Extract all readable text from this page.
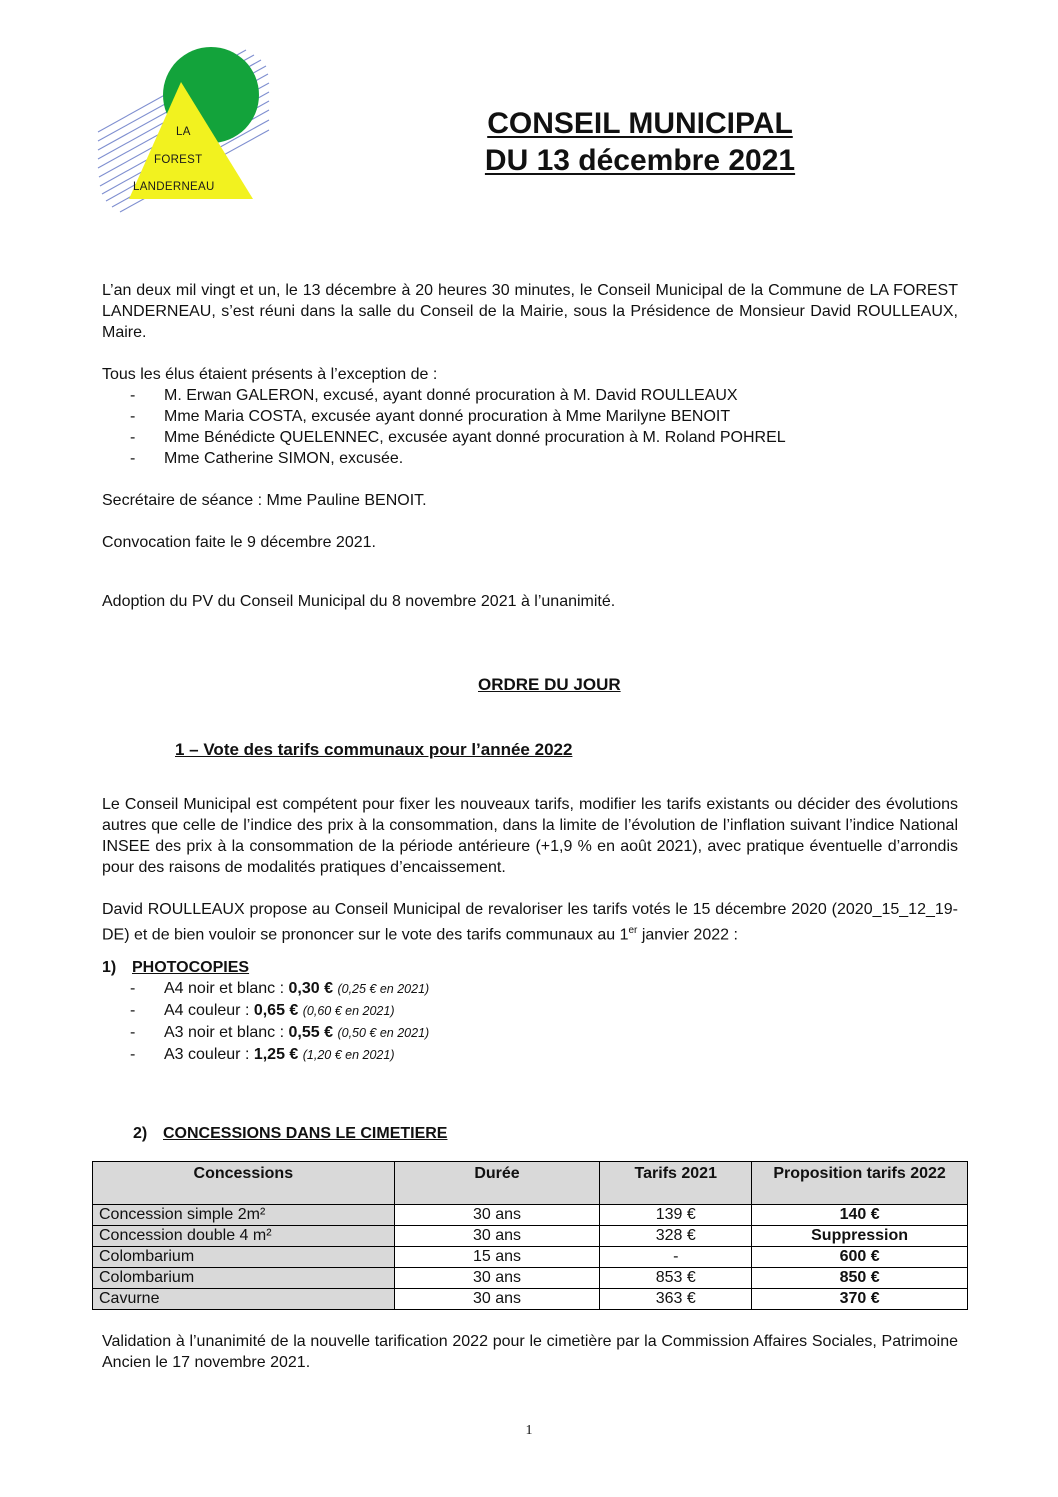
LA
FOREST
LANDERNEAU
CONSEIL MUNICIPAL
DU 13 décembre 2021

L’an deux mil vingt et un, le 13 décembre à 20 heures 30 minutes, le Conseil Municipal de la Commune de LA FOREST LANDERNEAU, s’est réuni dans la salle du Conseil de la Mairie, sous la Présidence de Monsieur David ROULLEAUX, Maire.

Tous les élus étaient présents à l’exception de :

- M. Erwan GALERON, excusé, ayant donné procuration à M. David ROULLEAUX
- Mme Maria COSTA, excusée ayant donné procuration à Mme Marilyne BENOIT
- Mme Bénédicte QUELENNEC, excusée ayant donné procuration à M. Roland POHREL
- Mme Catherine SIMON, excusée.

Secrétaire de séance : Mme Pauline BENOIT.

Convocation faite le 9 décembre 2021.

Adoption du PV du Conseil Municipal du 8 novembre 2021 à l’unanimité.
ORDRE DU JOUR
1 – Vote des tarifs communaux pour l’année 2022

Le Conseil Municipal est compétent pour fixer les nouveaux tarifs, modifier les tarifs existants ou décider des évolutions autres que celle de l’indice des prix à la consommation, dans la limite de l’évolution de l’inflation suivant l’indice National INSEE des prix à la consommation de la période antérieure (+1,9 % en août 2021), avec pratique éventuelle d’arrondis pour des raisons de modalités pratiques d’encaissement.

David ROULLEAUX propose au Conseil Municipal de revaloriser les tarifs votés le 15 décembre 2020 (2020_15_12_19-DE) et de bien vouloir se prononcer sur le vote des tarifs communaux au 1er janvier 2022 :

1) PHOTOCOPIES

- A4 noir et blanc : 0,30 € (0,25 € en 2021)
- A4 couleur : 0,65 € (0,60 € en 2021)
- A3 noir et blanc : 0,55 € (0,50 € en 2021)
- A3 couleur : 1,25 € (1,20 € en 2021)

2) CONCESSIONS DANS LE CIMETIERE

Concessions	Durée	Tarifs 2021	Proposition tarifs 2022
Concession simple 2m²	30 ans	139 €	140 €
Concession double 4 m²	30 ans	328 €	Suppression
Colombarium	15 ans	-	600 €
Colombarium	30 ans	853 €	850 €
Cavurne	30 ans	363 €	370 €
Validation à l’unanimité de la nouvelle tarification 2022 pour le cimetière par la Commission Affaires Sociales, Patrimoine Ancien le 17 novembre 2021.
1
